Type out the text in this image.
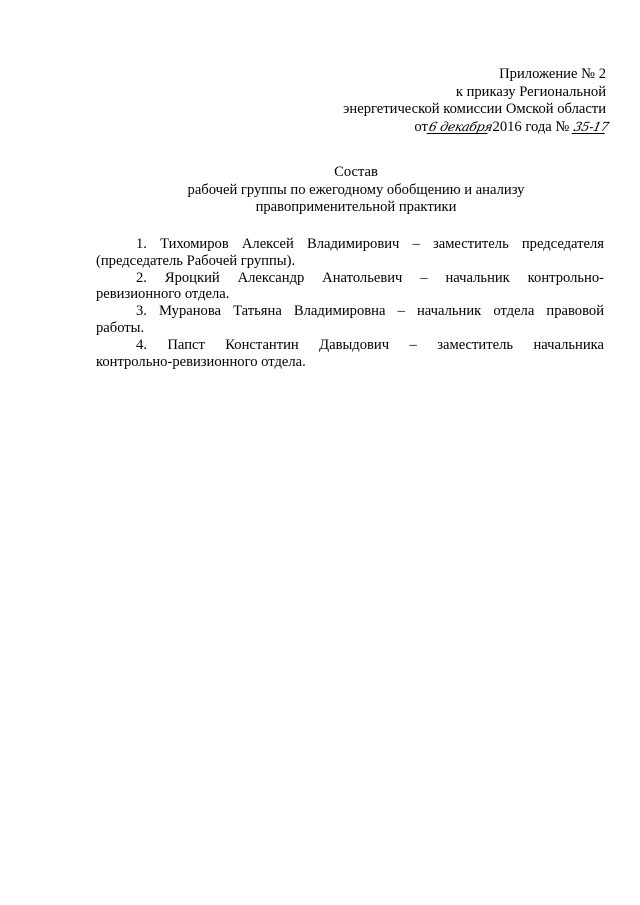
Приложение № 2
к приказу Региональной
энергетической комиссии Омской области
от6 декабря 2016 года № 35-17
Состав
рабочей группы по ежегодному обобщению и анализу
правоприменительной практики

1. Тихомиров Алексей Владимирович – заместитель председателя
(председатель Рабочей группы).

2. Яроцкий Александр Анатольевич – начальник контрольно-
ревизионного отдела.

3. Муранова Татьяна Владимировна – начальник отдела правовой
работы.

4. Папст Константин Давыдович – заместитель начальника
контрольно-ревизионного отдела.
